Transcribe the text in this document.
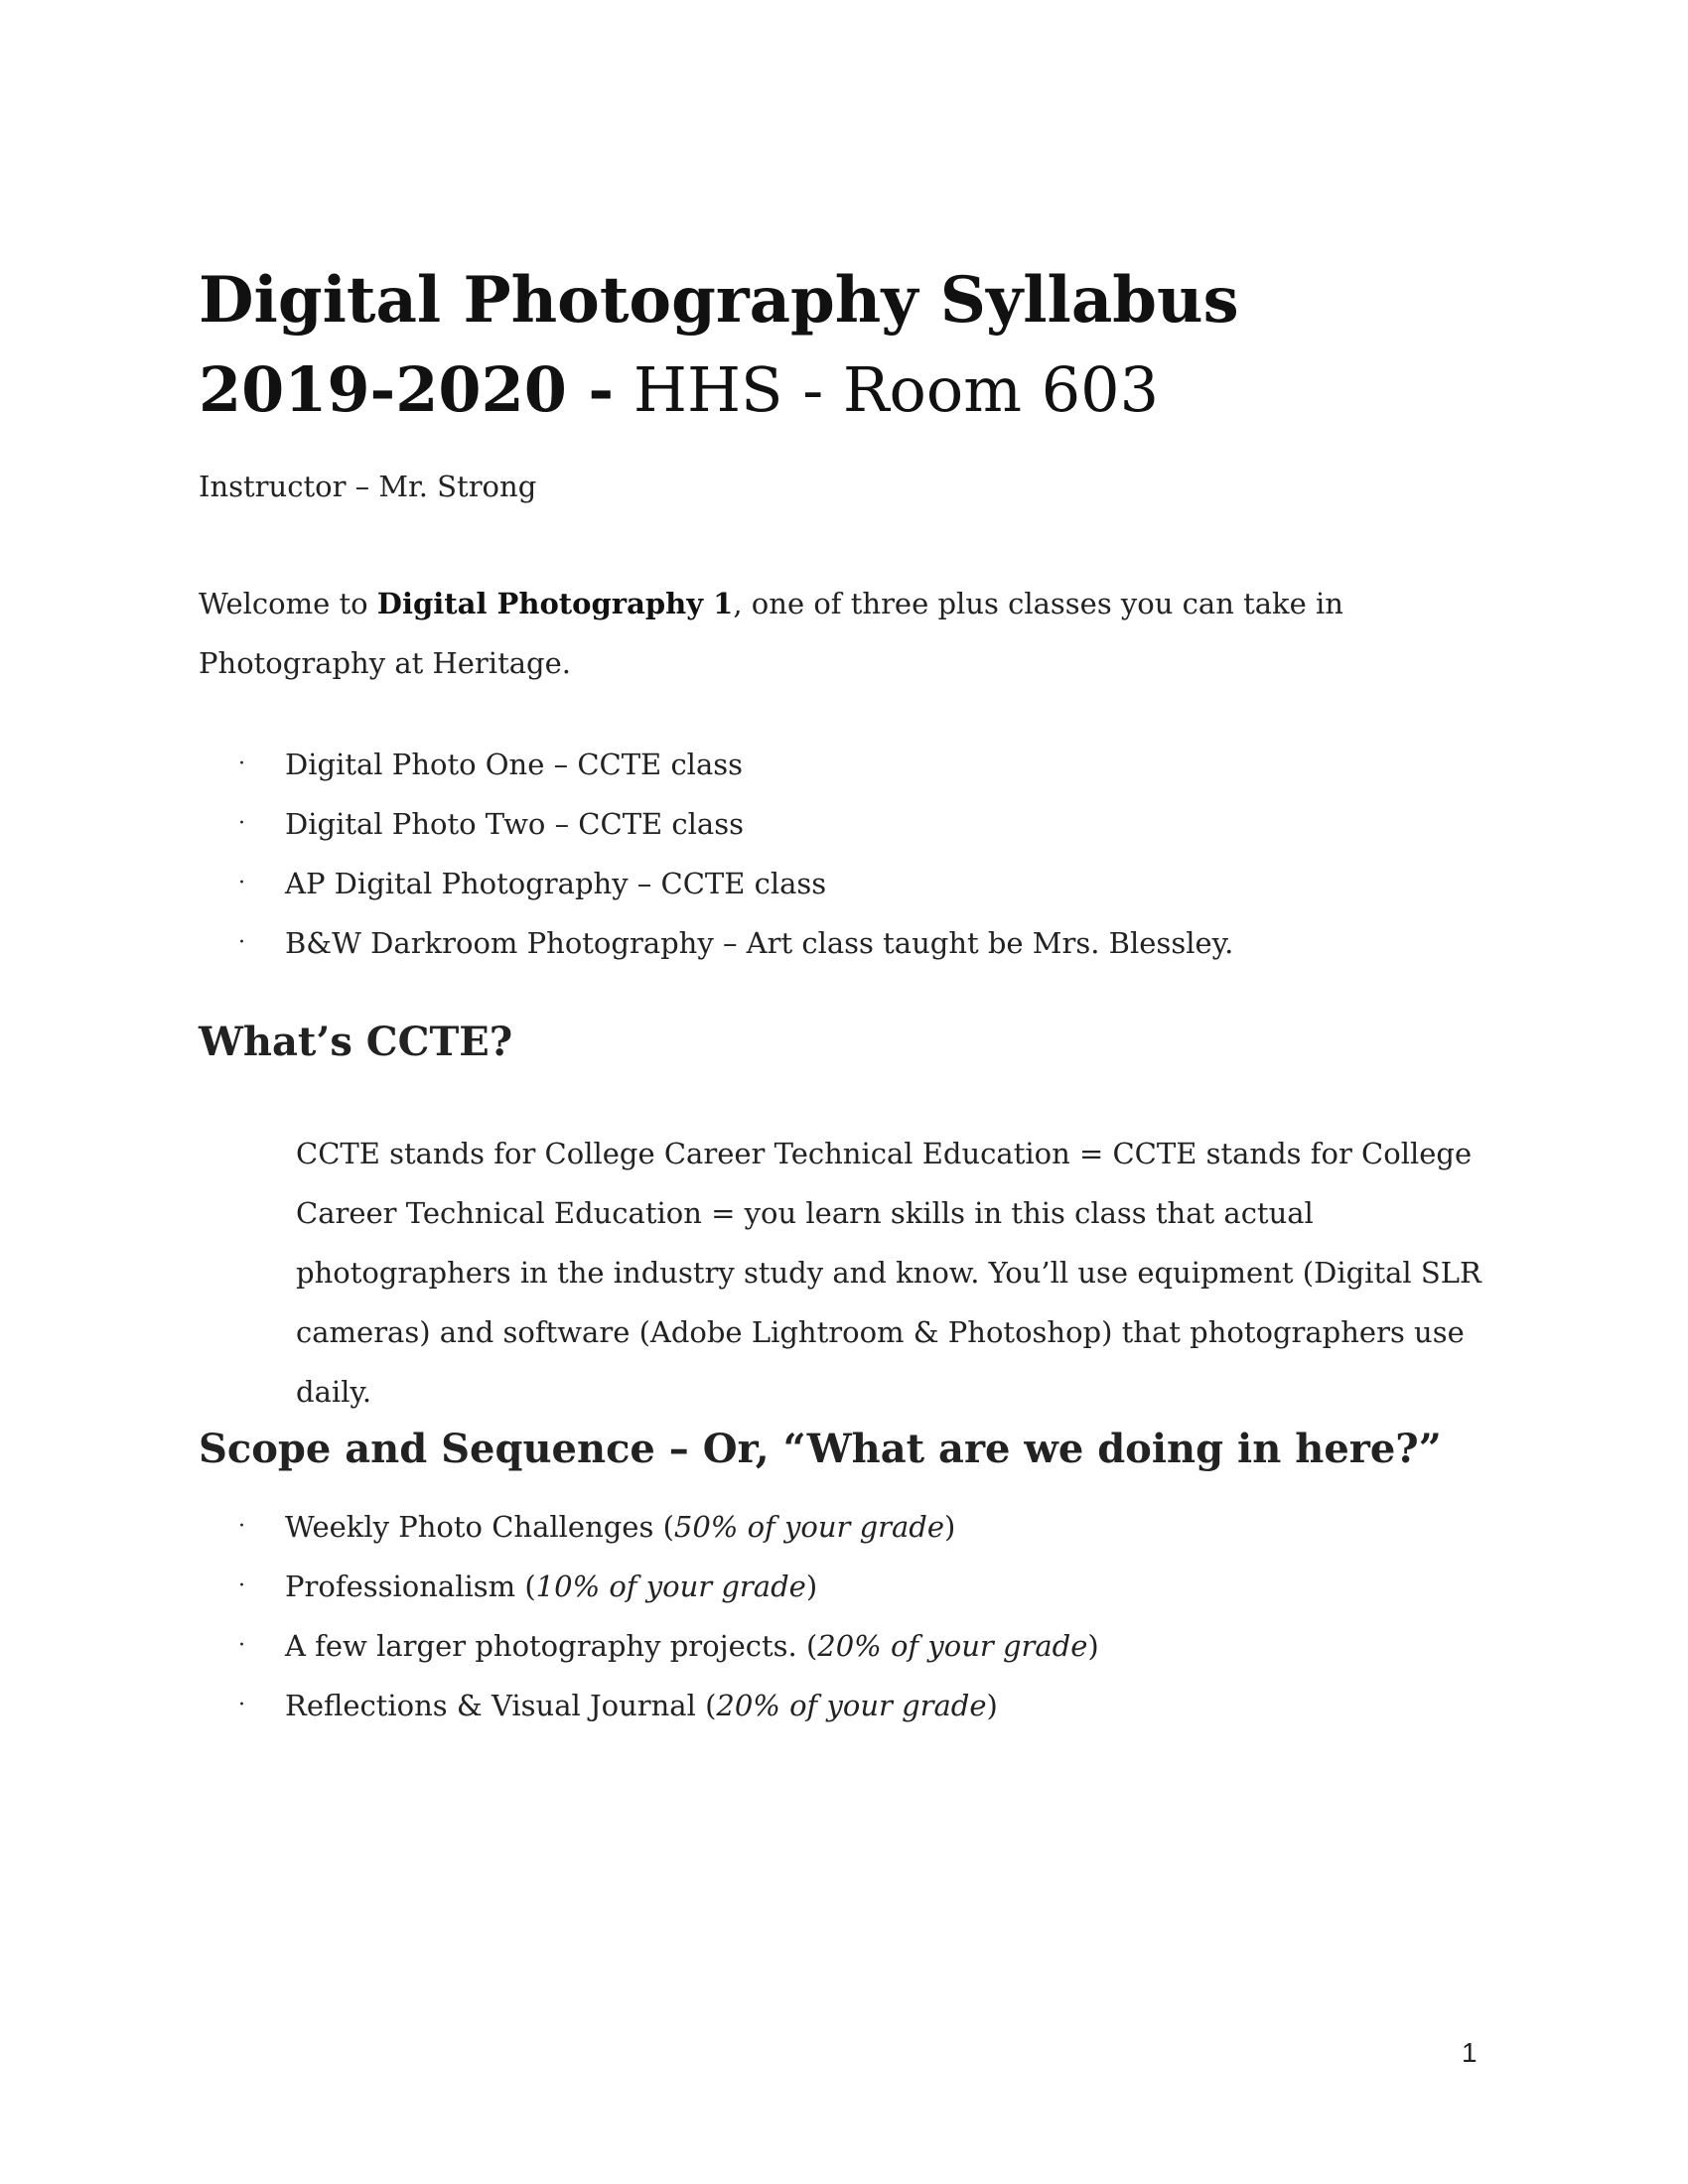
Digital Photography Syllabus

2019-2020 - HHS - Room 603

Instructor – Mr. Strong

Welcome to Digital Photography 1, one of three plus classes you can take in Photography at Heritage.

· Digital Photo One – CCTE class
· Digital Photo Two – CCTE class
· AP Digital Photography – CCTE class
· B&W Darkroom Photography – Art class taught be Mrs. Blessley.
What’s CCTE?

CCTE stands for College Career Technical Education = CCTE stands for College Career Technical Education = you learn skills in this class that actual photographers in the industry study and know. You’ll use equipment (Digital SLR cameras) and software (Adobe Lightroom & Photoshop) that photographers use daily.

Scope and Sequence – Or, “What are we doing in here?”
· Weekly Photo Challenges (50% of your grade)
· Professionalism (10% of your grade)
· A few larger photography projects. (20% of your grade)
· Reflections & Visual Journal (20% of your grade)

1
